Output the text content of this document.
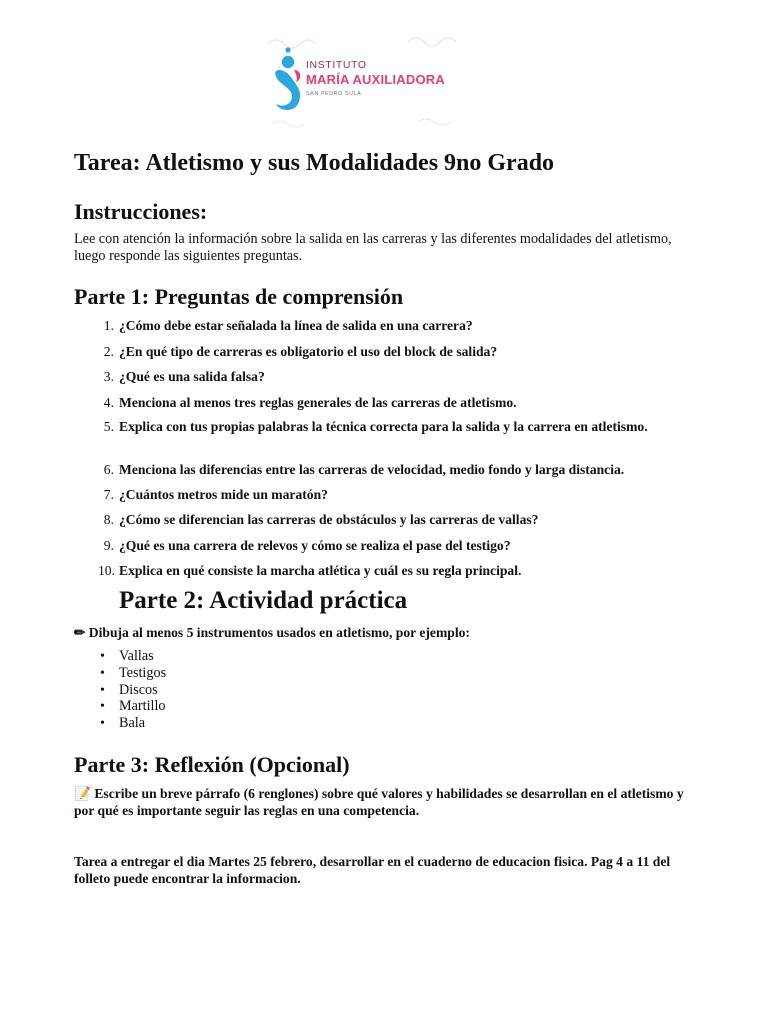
INSTITUTO
MARÍA AUXILIADORA
SAN PEDRO SULA
Tarea: Atletismo y sus Modalidades 9no Grado
Instrucciones:
Lee con atención la información sobre la salida en las carreras y las diferentes modalidades del atletismo, luego responde las siguientes preguntas.
Parte 1: Preguntas de comprensión
1. ¿Cómo debe estar señalada la línea de salida en una carrera?
2. ¿En qué tipo de carreras es obligatorio el uso del block de salida?
3. ¿Qué es una salida falsa?
4. Menciona al menos tres reglas generales de las carreras de atletismo.
5. Explica con tus propias palabras la técnica correcta para la salida y la carrera en atletismo.
6. Menciona las diferencias entre las carreras de velocidad, medio fondo y larga distancia.
7. ¿Cuántos metros mide un maratón?
8. ¿Cómo se diferencian las carreras de obstáculos y las carreras de vallas?
9. ¿Qué es una carrera de relevos y cómo se realiza el pase del testigo?
10. Explica en qué consiste la marcha atlética y cuál es su regla principal.
Parte 2: Actividad práctica
✏ Dibuja al menos 5 instrumentos usados en atletismo, por ejemplo:
• Vallas
• Testigos
• Discos
• Martillo
• Bala
Parte 3: Reflexión (Opcional)
📝 Escribe un breve párrafo (6 renglones) sobre qué valores y habilidades se desarrollan en el atletismo y por qué es importante seguir las reglas en una competencia.
Tarea a entregar el dia Martes 25 febrero, desarrollar en el cuaderno de educacion fisica. Pag 4 a 11 del folleto puede encontrar la informacion.
